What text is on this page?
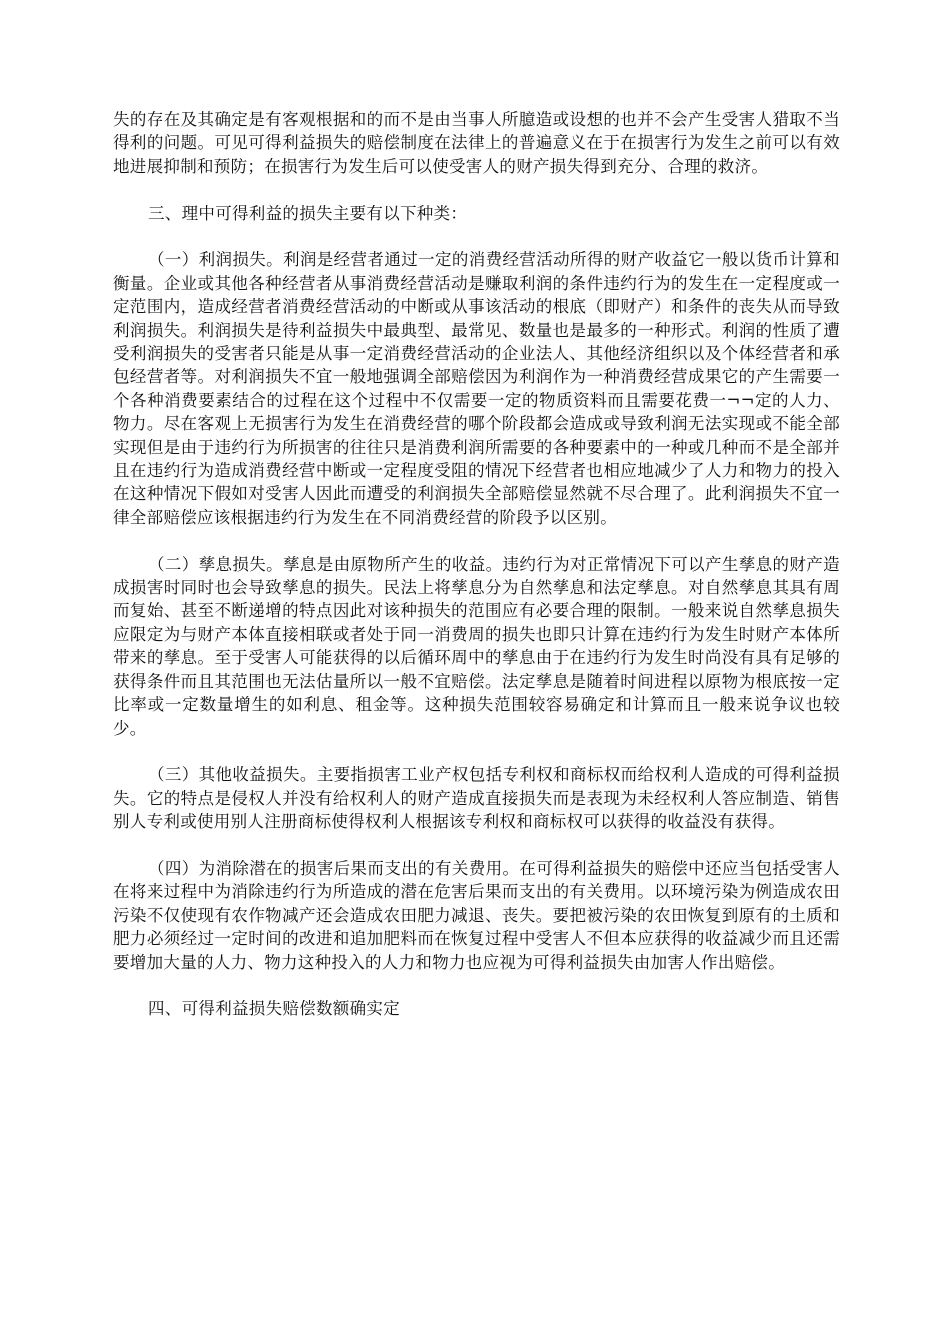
失的存在及其确定是有客观根据和的而不是由当事人所臆造或设想的也并不会产生受害人猎取不当得利的问题。可见可得利益损失的赔偿制度在法律上的普遍意义在于在损害行为发生之前可以有效地进展抑制和预防；在损害行为发生后可以使受害人的财产损失得到充分、合理的救济。

三、理中可得利益的损失主要有以下种类：

（一）利润损失。利润是经营者通过一定的消费经营活动所得的财产收益它一般以货币计算和衡量。企业或其他各种经营者从事消费经营活动是赚取利润的条件违约行为的发生在一定程度或一定范围内，造成经营者消费经营活动的中断或从事该活动的根底（即财产）和条件的丧失从而导致利润损失。利润损失是待利益损失中最典型、最常见、数量也是最多的一种形式。利润的性质了遭受利润损失的受害者只能是从事一定消费经营活动的企业法人、其他经济组织以及个体经营者和承包经营者等。对利润损失不宜一般地强调全部赔偿因为利润作为一种消费经营成果它的产生需要一个各种消费要素结合的过程在这个过程中不仅需要一定的物质资料而且需要花费一¬¬定的人力、物力。尽在客观上无损害行为发生在消费经营的哪个阶段都会造成或导致利润无法实现或不能全部实现但是由于违约行为所损害的往往只是消费利润所需要的各种要素中的一种或几种而不是全部并且在违约行为造成消费经营中断或一定程度受阻的情况下经营者也相应地减少了人力和物力的投入在这种情况下假如对受害人因此而遭受的利润损失全部赔偿显然就不尽合理了。此利润损失不宜一律全部赔偿应该根据违约行为发生在不同消费经营的阶段予以区别。

（二）孳息损失。孳息是由原物所产生的收益。违约行为对正常情况下可以产生孳息的财产造成损害时同时也会导致孳息的损失。民法上将孳息分为自然孳息和法定孳息。对自然孳息其具有周而复始、甚至不断递增的特点因此对该种损失的范围应有必要合理的限制。一般来说自然孳息损失应限定为与财产本体直接相联或者处于同一消费周的损失也即只计算在违约行为发生时财产本体所带来的孳息。至于受害人可能获得的以后循环周中的孳息由于在违约行为发生时尚没有具有足够的获得条件而且其范围也无法估量所以一般不宜赔偿。法定孳息是随着时间进程以原物为根底按一定比率或一定数量增生的如利息、租金等。这种损失范围较容易确定和计算而且一般来说争议也较少。

（三）其他收益损失。主要指损害工业产权包括专利权和商标权而给权利人造成的可得利益损失。它的特点是侵权人并没有给权利人的财产造成直接损失而是表现为未经权利人答应制造、销售别人专利或使用别人注册商标使得权利人根据该专利权和商标权可以获得的收益没有获得。

（四）为消除潜在的损害后果而支出的有关费用。在可得利益损失的赔偿中还应当包括受害人在将来过程中为消除违约行为所造成的潜在危害后果而支出的有关费用。以环境污染为例造成农田污染不仅使现有农作物减产还会造成农田肥力减退、丧失。要把被污染的农田恢复到原有的土质和肥力必须经过一定时间的改进和追加肥料而在恢复过程中受害人不但本应获得的收益减少而且还需要增加大量的人力、物力这种投入的人力和物力也应视为可得利益损失由加害人作出赔偿。

四、可得利益损失赔偿数额确实定
